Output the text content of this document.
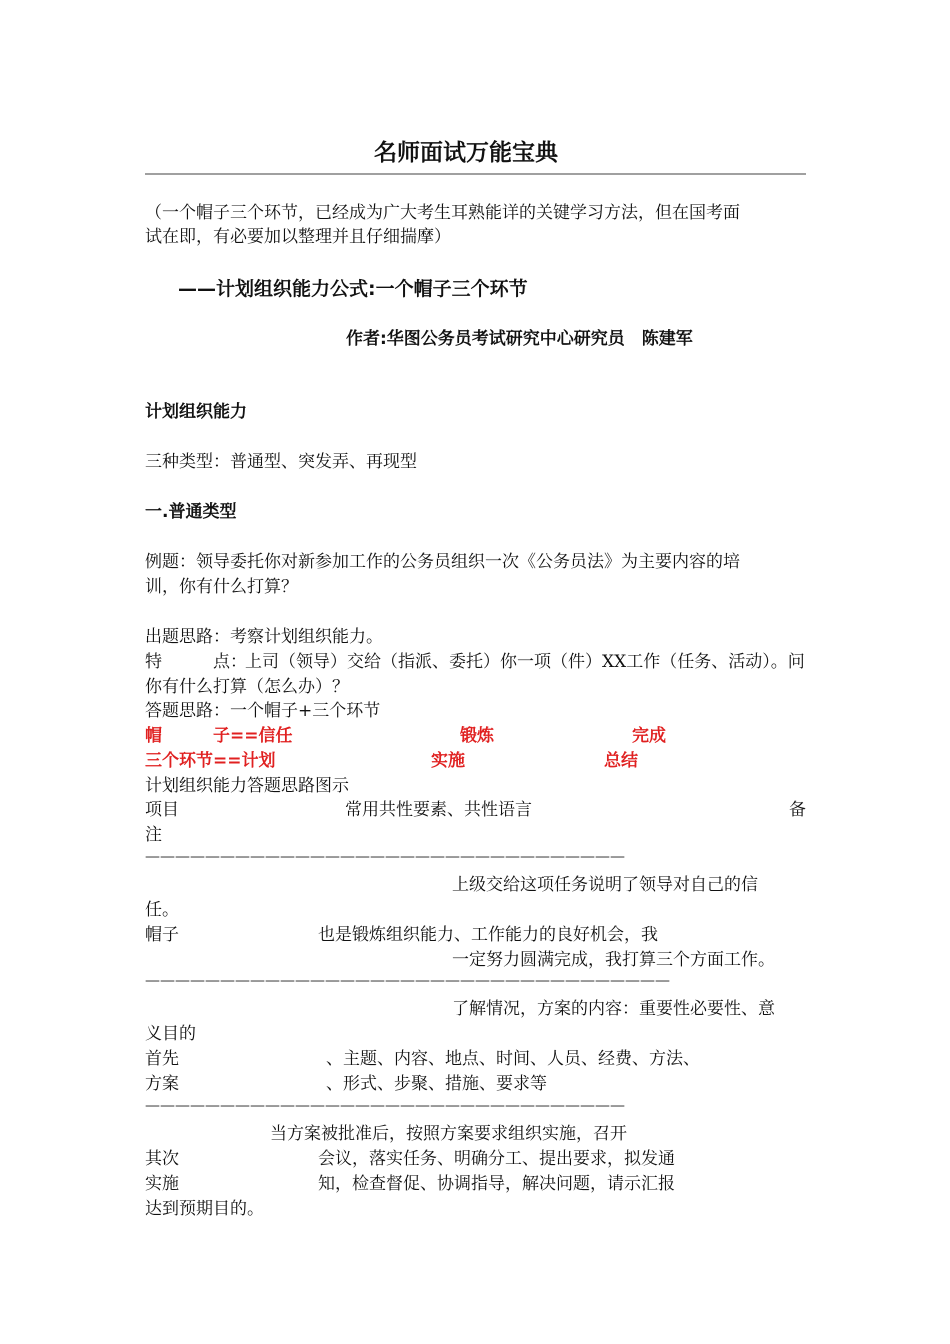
名师面试万能宝典
（一个帽子三个环节，已经成为广大考生耳熟能详的关键学习方法，但在国考面
试在即，有必要加以整理并且仔细揣摩）
——计划组织能力公式:一个帽子三个环节
作者:华图公务员考试研究中心研究员　陈建军
计划组织能力
三种类型：普通型、突发弄、再现型
一.普通类型
例题：领导委托你对新参加工作的公务员组织一次《公务员法》为主要内容的培
训，你有什么打算？
出题思路：考察计划组织能力。
特　　　点：
上司（领导）交给（指派、委托）你一项（件）XX工作（任务、活动）。问
你有什么打算（怎么办）？
答题思路：一个帽子+三个环节
帽　　　子==信任	锻炼	完成
三个环节==计划	实施	总结
计划组织能力答题思路图示
项目	常用共性要素、共性语言	备
注
————————————————————————————————
上级交给这项任务说明了领导对自己的信
任。
帽子	也是锻炼组织能力、工作能力的良好机会，我
一定努力圆满完成，我打算三个方面工作。
———————————————————————————————————
了解情况，方案的内容：重要性必要性、意
义目的
首先	、主题、内容、地点、时间、人员、经费、方法、
方案	、形式、步聚、措施、要求等
————————————————————————————————
当方案被批准后，按照方案要求组织实施，召开
其次	会议，落实任务、明确分工、提出要求，拟发通
实施	知，检查督促、协调指导，解决问题，请示汇报
达到预期目的。
